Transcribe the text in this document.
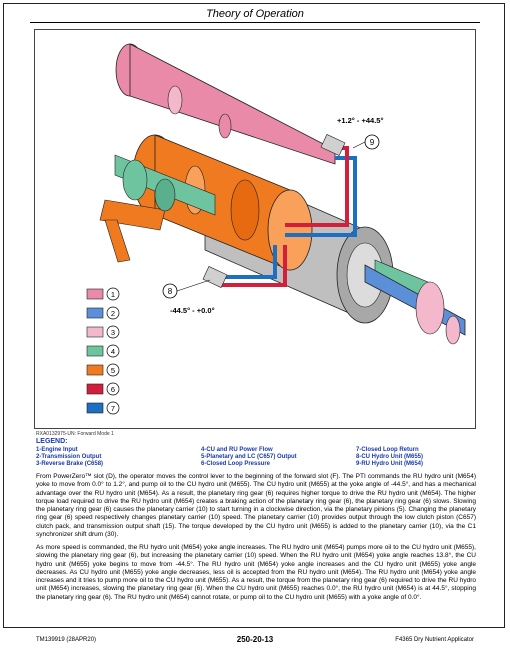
Theory of Operation
+1.2° - +44.5°
9
8
-44.5° - +0.0°
1
2
3
4
5
6
7
RXA0132975-UN: Forward Mode 1
LEGEND:
1-Engine Input	4-CU and RU Power Flow	7-Closed Loop Return
2-Transmission Output	5-Planetary and LC (C657) Output	8-CU Hydro Unit (M655)
3-Reverse Brake (C658)	6-Closed Loop Pressure	9-RU Hydro Unit (M654)

From PowerZero™ slot (D), the operator moves the control lever to the beginning of the forward slot (F). The PTI commands the RU hydro unit (M654) yoke to move from 0.0° to 1.2°, and pump oil to the CU hydro unit (M655). The CU hydro unit (M655) at the yoke angle of -44.5°, and has a mechanical advantage over the RU hydro unit (M654). As a result, the planetary ring gear (6) requires higher torque to drive the RU hydro unit (M654). The higher torque load required to drive the RU hydro unit (M654) creates a braking action of the planetary ring gear (6), the planetary ring gear (6) slows. Slowing the planetary ring gear (6) causes the planetary carrier (10) to start turning in a clockwise direction, via the planetary pinions (5). Changing the planetary ring gear (6) speed respectively changes planetary carrier (10) speed. The planetary carrier (10) provides output through the low clutch piston (C657) clutch pack, and transmission output shaft (15). The torque developed by the CU hydro unit (M655) is added to the planetary carrier (10), via the C1 synchronizer shift drum (30).

As more speed is commanded, the RU hydro unit (M654) yoke angle increases. The RU hydro unit (M654) pumps more oil to the CU hydro unit (M655), slowing the planetary ring gear (6), but increasing the planetary carrier (10) speed. When the RU hydro unit (M654) yoke angle reaches 13.8°, the CU hydro unit (M655) yoke begins to move from -44.5°. The RU hydro unit (M654) yoke angle increases and the CU hydro unit (M655) yoke angle decreases. As CU hydro unit (M655) yoke angle decreases, less oil is accepted from the RU hydro unit (M654). The RU hydro unit (M654) yoke angle increases and it tries to pump more oil to the CU hydro unit (M655). As a result, the torque from the planetary ring gear (6) required to drive the RU hydro unit (M654) increases, slowing the planetary ring gear (6). When the CU hydro unit (M655) reaches 0.0°, the RU hydro unit (M654) is at 44.5°, stopping the planetary ring gear (6). The RU hydro unit (M654) cannot rotate, or pump oil to the CU hydro unit (M655) with a yoke angle of 0.0°.

TM139919 (28APR20)	250-20-13	F4365 Dry Nutrient Applicator
